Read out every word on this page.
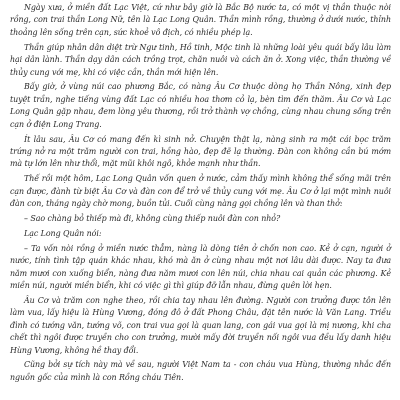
Ngày xưa, ở miền đất Lạc Việt, cứ như bây giờ là Bắc Bộ nước ta, có một vị thần thuộc nòi rồng, con trai thần Long Nữ, tên là Lạc Long Quân. Thần mình rồng, thường ở dưới nước, thỉnh thoảng lên sống trên cạn, sức khoẻ vô địch, có nhiều phép lạ.

Thần giúp nhân dân diệt trừ Ngư tinh, Hồ tinh, Mộc tinh là những loài yêu quái bấy lâu làm hại dân lành. Thần dạy dân cách trồng trọt, chăn nuôi và cách ăn ở. Xong việc, thần thường về thủy cung với mẹ, khi có việc cần, thần mới hiện lên.

Bấy giờ, ở vùng núi cao phương Bắc, có nàng Âu Cơ thuộc dòng họ Thần Nông, xinh đẹp tuyệt trần, nghe tiếng vùng đất Lạc có nhiều hoa thơm cỏ lạ, bèn tìm đến thăm. Âu Cơ và Lạc Long Quân gặp nhau, đem lòng yêu thương, rồi trở thành vợ chồng, cùng nhau chung sống trên cạn ở điện Long Trang.

Ít lâu sau, Âu Cơ có mang đến kì sinh nở. Chuyện thật lạ, nàng sinh ra một cái bọc trăm trứng nở ra một trăm người con trai, hồng hào, đẹp đẽ lạ thường. Đàn con không cần bú mớm mà tự lớn lên như thổi, mặt mũi khôi ngô, khỏe mạnh như thần.

Thế rồi một hôm, Lạc Long Quân vốn quen ở nước, cảm thấy mình không thể sống mãi trên cạn được, đành từ biệt Âu Cơ và đàn con để trở về thủy cung với mẹ. Âu Cơ ở lại một mình nuôi đàn con, tháng ngày chờ mong, buồn tủi. Cuối cùng nàng gọi chồng lên và than thở:

– Sao chàng bỏ thiếp mà đi, không cùng thiếp nuôi đàn con nhỏ?

Lạc Long Quân nói:

– Ta vốn nòi rồng ở miền nước thẳm, nàng là dòng tiên ở chốn non cao. Kẻ ở cạn, người ở nước, tính tình tập quán khác nhau, khó mà ăn ở cùng nhau một nơi lâu dài được. Nay ta đưa năm mươi con xuống biển, nàng đưa năm mươi con lên núi, chia nhau cai quản các phương. Kẻ miền núi, người miền biển, khi có việc gì thì giúp đỡ lẫn nhau, đừng quên lời hẹn.

Âu Cơ và trăm con nghe theo, rồi chia tay nhau lên đường. Người con trưởng được tôn lên làm vua, lấy hiệu là Hùng Vương, đóng đô ở đất Phong Châu, đặt tên nước là Văn Lang. Triều đình có tướng văn, tướng võ, con trai vua gọi là quan lang, con gái vua gọi là mị nương, khi cha chết thì ngôi được truyền cho con trưởng, mười mấy đời truyền nối ngôi vua đều lấy danh hiệu Hùng Vương, không hề thay đổi.

Cũng bởi sự tích này mà về sau, người Việt Nam ta - con cháu vua Hùng, thường nhắc đến nguồn gốc của mình là con Rồng cháu Tiên.
